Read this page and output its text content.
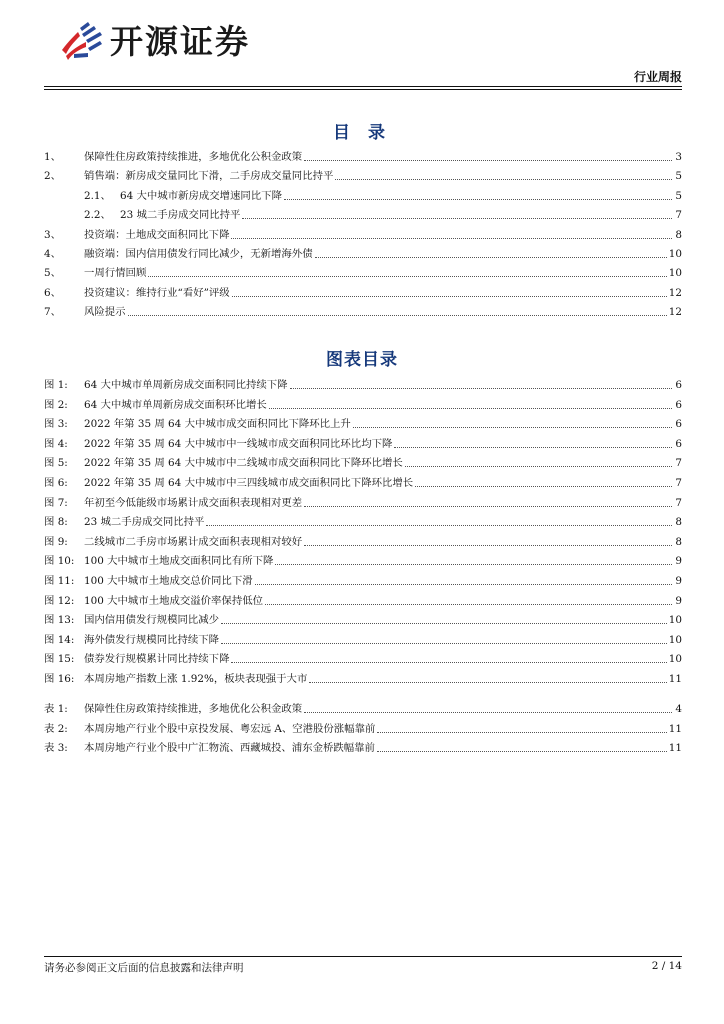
开源证券
行业周报
目 录
1、	保障性住房政策持续推进，多地优化公积金政策	3
2、	销售端：新房成交量同比下滑，二手房成交量同比持平	5
2.1、 64 大中城市新房成交增速同比下降	5
2.2、 23 城二手房成交同比持平	7
3、	投资端：土地成交面积同比下降	8
4、	融资端：国内信用债发行同比减少，无新增海外债	10
5、	一周行情回顾	10
6、	投资建议：维持行业“看好”评级	12
7、	风险提示	12
图表目录
图 1:	64 大中城市单周新房成交面积同比持续下降	6
图 2:	64 大中城市单周新房成交面积环比增长	6
图 3:	2022 年第 35 周 64 大中城市成交面积同比下降环比上升	6
图 4:	2022 年第 35 周 64 大中城市中一线城市成交面积同比环比均下降	6
图 5:	2022 年第 35 周 64 大中城市中二线城市成交面积同比下降环比增长	7
图 6:	2022 年第 35 周 64 大中城市中三四线城市成交面积同比下降环比增长	7
图 7:	年初至今低能级市场累计成交面积表现相对更差	7
图 8:	23 城二手房成交同比持平	8
图 9:	二线城市二手房市场累计成交面积表现相对较好	8
图 10: 100 大中城市土地成交面积同比有所下降	9
图 11: 100 大中城市土地成交总价同比下滑	9
图 12: 100 大中城市土地成交溢价率保持低位	9
图 13: 国内信用债发行规模同比减少	10
图 14: 海外债发行规模同比持续下降	10
图 15: 债券发行规模累计同比持续下降	10
图 16: 本周房地产指数上涨 1.92%，板块表现强于大市	11
表 1:	保障性住房政策持续推进，多地优化公积金政策	4
表 2:	本周房地产行业个股中京投发展、粤宏远 A、空港股份涨幅靠前	11
表 3:	本周房地产行业个股中广汇物流、西藏城投、浦东金桥跌幅靠前	11
请务必参阅正文后面的信息披露和法律声明	2 / 14
